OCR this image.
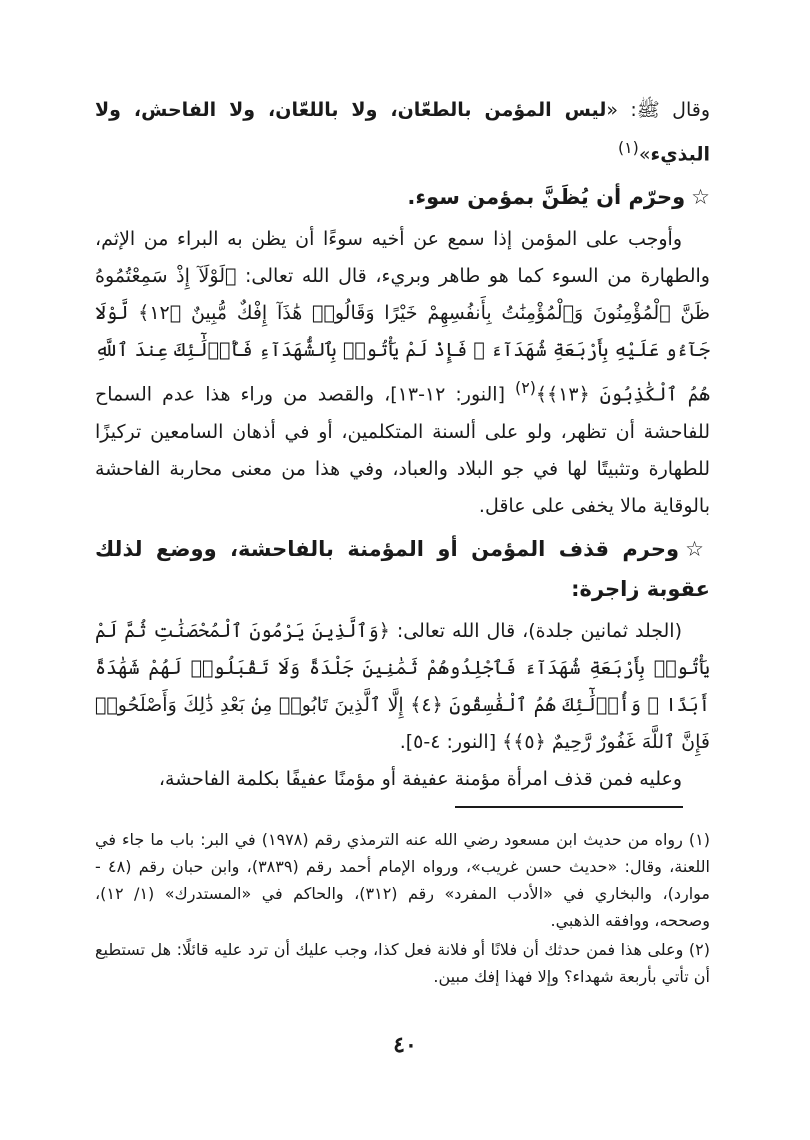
وقال ﷺ: «ليس المؤمن بالطعّان، ولا باللعّان، ولا الفاحش، ولا البذيء»$^{(١)}$

☆وحرّم أن يُظَنَّ بمؤمن سوء.

وأوجب على المؤمن إذا سمع عن أخيه سوءًا أن يظن به البراء من الإثم، والطهارة من السوء كما هو طاهر وبريء، قال الله تعالى: ﴿لَوْلَآ إِذْ سَمِعْتُمُوهُ ظَنَّ ٱلْمُؤْمِنُونَ وَٱلْمُؤْمِنَٰتُ بِأَنفُسِهِمْ خَيْرًا وَقَالُوا۟ هَٰذَآ إِفْكٌ مُّبِينٌ ﴿١٢﴾ لَّوْلَا جَآءُو عَلَيْهِ بِأَرْبَعَةِ شُهَدَآءَ ۚ فَإِذْ لَمْ يَأْتُوا۟ بِٱلشُّهَدَآءِ فَأُو۟لَٰٓئِكَ عِندَ ٱللَّهِ هُمُ ٱلْكَٰذِبُونَ ﴿١٣﴾﴾$^{(٢)}$ [النور: ١٢-١٣]، والقصد من وراء هذا عدم السماح للفاحشة أن تظهر، ولو على ألسنة المتكلمين، أو في أذهان السامعين تركيزًا للطهارة وتثبيتًا لها في جو البلاد والعباد، وفي هذا من معنى محاربة الفاحشة بالوقاية مالا يخفى على عاقل.

☆وحرم قذف المؤمن أو المؤمنة بالفاحشة، ووضع لذلك عقوبة زاجرة:

(الجلد ثمانين جلدة)، قال الله تعالى: ﴿وَٱلَّذِينَ يَرْمُونَ ٱلْمُحْصَنَٰتِ ثُمَّ لَمْ يَأْتُوا۟ بِأَرْبَعَةِ شُهَدَآءَ فَٱجْلِدُوهُمْ ثَمَٰنِينَ جَلْدَةً وَلَا تَقْبَلُوا۟ لَهُمْ شَهَٰدَةً أَبَدًا ۚ وَأُو۟لَٰٓئِكَ هُمُ ٱلْفَٰسِقُونَ ﴿٤﴾ إِلَّا ٱلَّذِينَ تَابُوا۟ مِنۢ بَعْدِ ذَٰلِكَ وَأَصْلَحُوا۟ فَإِنَّ ٱللَّهَ غَفُورٌ رَّحِيمٌ ﴿٥﴾﴾ [النور: ٤-٥].

وعليه فمن قذف امرأة مؤمنة عفيفة أو مؤمنًا عفيفًا بكلمة الفاحشة،

(١) رواه من حديث ابن مسعود رضي الله عنه الترمذي رقم (١٩٧٨) في البر: باب ما جاء في اللعنة، وقال: «حديث حسن غريب»، ورواه الإمام أحمد رقم (٣٨٣٩)، وابن حبان رقم (٤٨ - موارد)، والبخاري في «الأدب المفرد» رقم (٣١٢)، والحاكم في «المستدرك» (١/ ١٢)، وصححه، ووافقه الذهبي.

(٢) وعلى هذا فمن حدثك أن فلانًا أو فلانة فعل كذا، وجب عليك أن ترد عليه قائلًا: هل تستطيع أن تأتي بأربعة شهداء؟ وإلا فهذا إفك مبين.

٤٠
